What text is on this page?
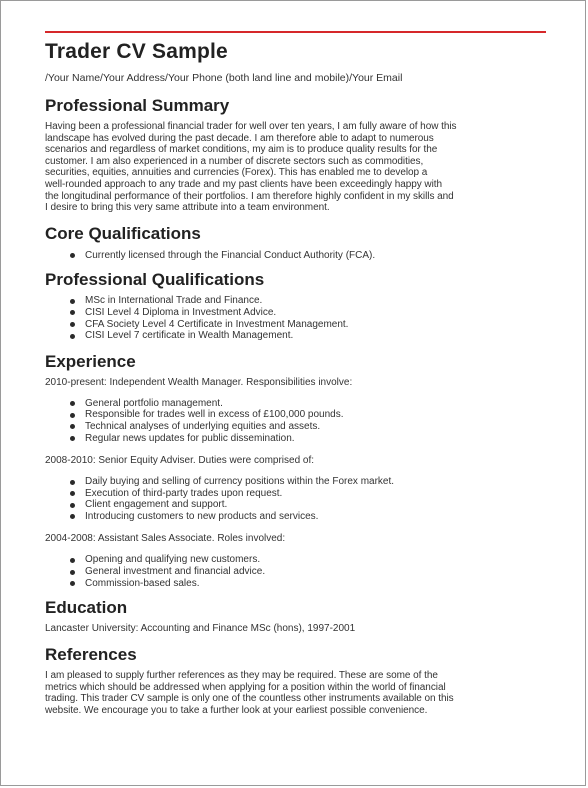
Trader CV Sample
/Your Name/Your Address/Your Phone (both land line and mobile)/Your Email
Professional Summary
Having been a professional financial trader for well over ten years, I am fully aware of how this
landscape has evolved during the past decade. I am therefore able to adapt to numerous
scenarios and regardless of market conditions, my aim is to produce quality results for the
customer. I am also experienced in a number of discrete sectors such as commodities,
securities, equities, annuities and currencies (Forex). This has enabled me to develop a
well-rounded approach to any trade and my past clients have been exceedingly happy with
the longitudinal performance of their portfolios. I am therefore highly confident in my skills and
I desire to bring this very same attribute into a team environment.
Core Qualifications
Currently licensed through the Financial Conduct Authority (FCA).
Professional Qualifications
MSc in International Trade and Finance.
CISI Level 4 Diploma in Investment Advice.
CFA Society Level 4 Certificate in Investment Management.
CISI Level 7 certificate in Wealth Management.
Experience
2010-present: Independent Wealth Manager. Responsibilities involve:
General portfolio management.
Responsible for trades well in excess of £100,000 pounds.
Technical analyses of underlying equities and assets.
Regular news updates for public dissemination.
2008-2010: Senior Equity Adviser. Duties were comprised of:
Daily buying and selling of currency positions within the Forex market.
Execution of third-party trades upon request.
Client engagement and support.
Introducing customers to new products and services.
2004-2008: Assistant Sales Associate. Roles involved:
Opening and qualifying new customers.
General investment and financial advice.
Commission-based sales.
Education
Lancaster University: Accounting and Finance MSc (hons), 1997-2001
References
I am pleased to supply further references as they may be required. These are some of the
metrics which should be addressed when applying for a position within the world of financial
trading. This trader CV sample is only one of the countless other instruments available on this
website. We encourage you to take a further look at your earliest possible convenience.
